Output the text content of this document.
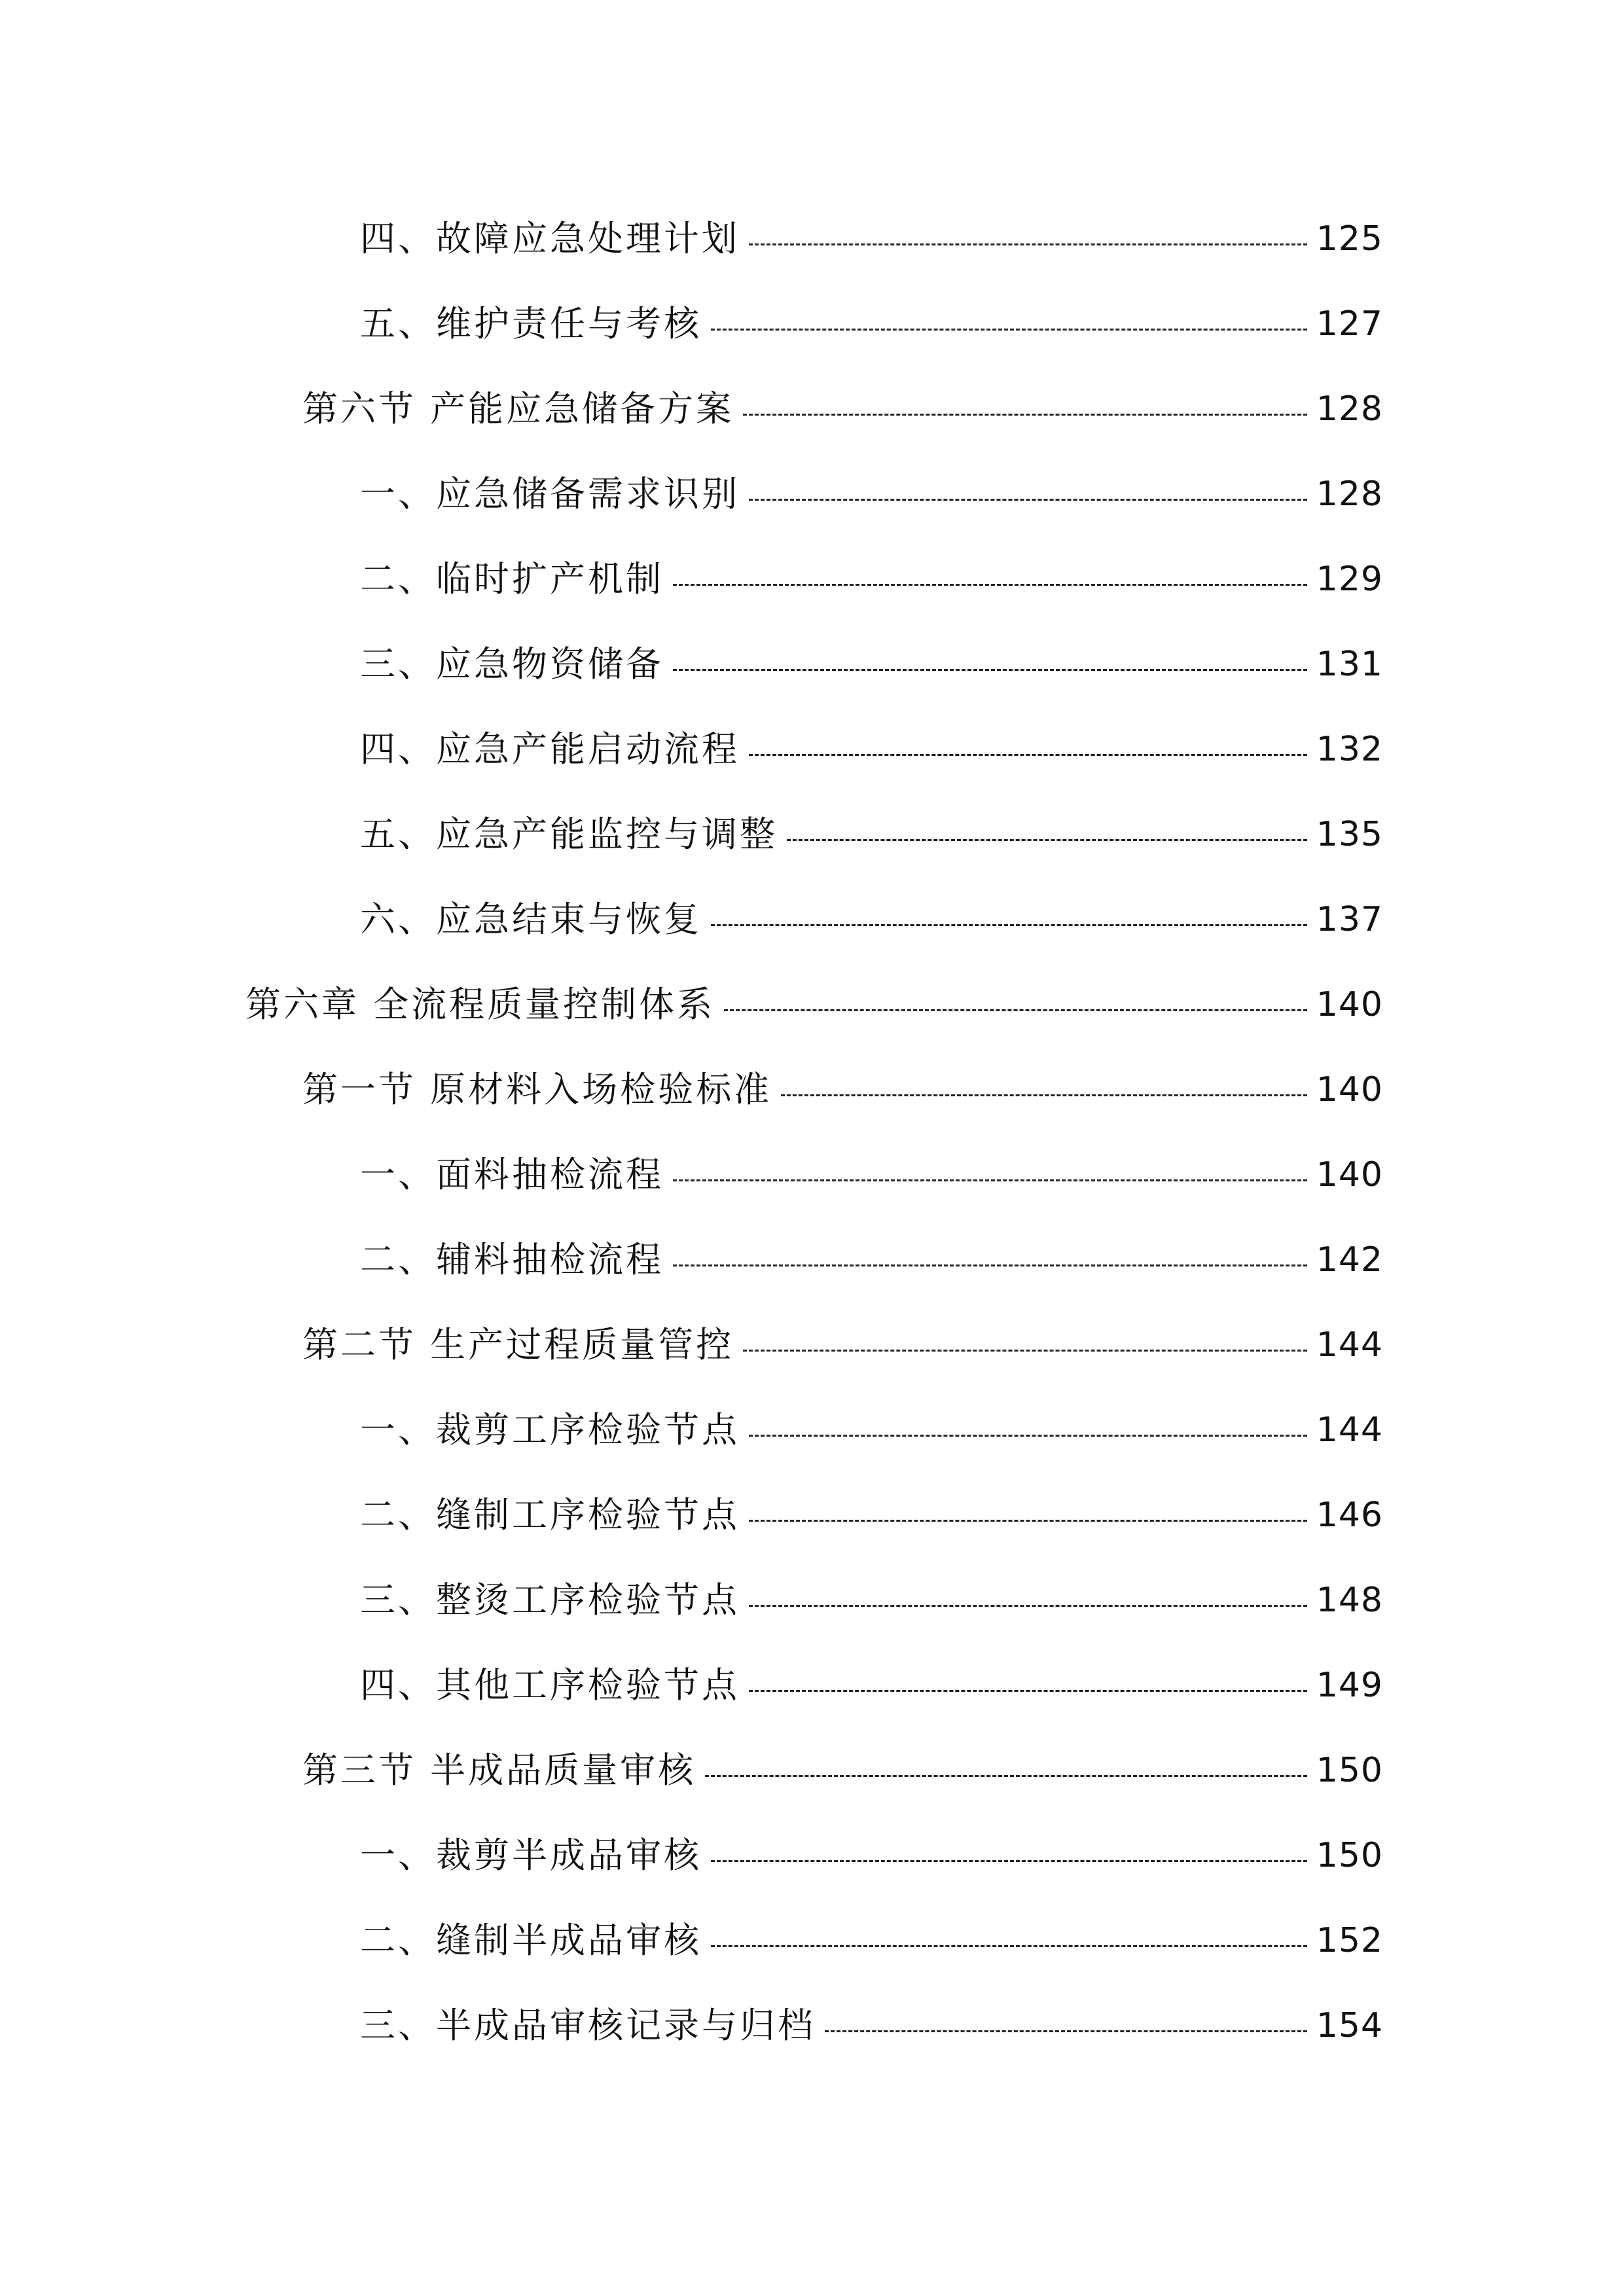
四、故障应急处理计划	125
五、维护责任与考核	127
第六节 产能应急储备方案	128
一、应急储备需求识别	128
二、临时扩产机制	129
三、应急物资储备	131
四、应急产能启动流程	132
五、应急产能监控与调整	135
六、应急结束与恢复	137
第六章 全流程质量控制体系	140
第一节 原材料入场检验标准	140
一、面料抽检流程	140
二、辅料抽检流程	142
第二节 生产过程质量管控	144
一、裁剪工序检验节点	144
二、缝制工序检验节点	146
三、整烫工序检验节点	148
四、其他工序检验节点	149
第三节 半成品质量审核	150
一、裁剪半成品审核	150
二、缝制半成品审核	152
三、半成品审核记录与归档	154
